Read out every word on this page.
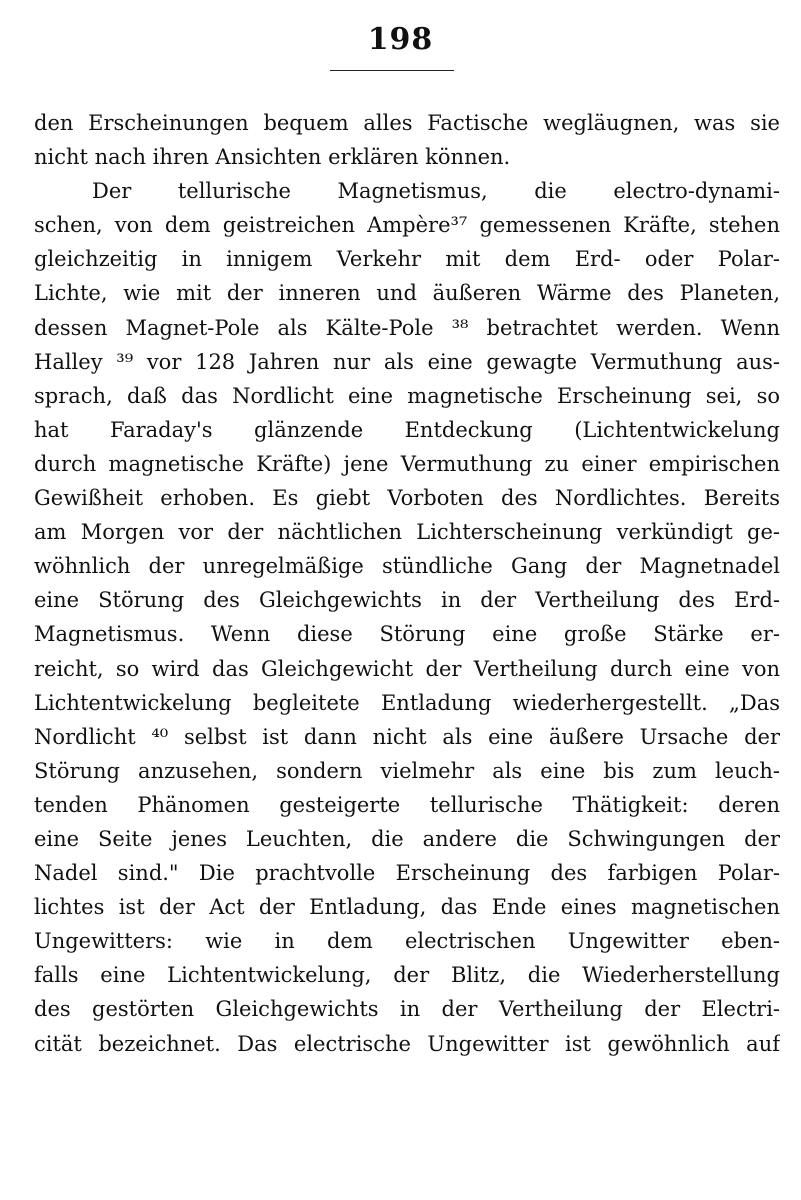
198
den Erscheinungen bequem alles Factische wegläugnen, was sie
nicht nach ihren Ansichten erklären können.
Der tellurische Magnetismus, die electro-dynami-
schen, von dem geistreichen Ampère³⁷ gemessenen Kräfte, stehen
gleichzeitig in innigem Verkehr mit dem Erd- oder Polar-
Lichte, wie mit der inneren und äußeren Wärme des Planeten,
dessen Magnet-Pole als Kälte-Pole ³⁸ betrachtet werden. Wenn
Halley ³⁹ vor 128 Jahren nur als eine gewagte Vermuthung aus-
sprach, daß das Nordlicht eine magnetische Erscheinung sei, so
hat Faraday's glänzende Entdeckung (Lichtentwickelung
durch magnetische Kräfte) jene Vermuthung zu einer empirischen
Gewißheit erhoben. Es giebt Vorboten des Nordlichtes. Bereits
am Morgen vor der nächtlichen Lichterscheinung verkündigt ge-
wöhnlich der unregelmäßige stündliche Gang der Magnetnadel
eine Störung des Gleichgewichts in der Vertheilung des Erd-
Magnetismus. Wenn diese Störung eine große Stärke er-
reicht, so wird das Gleichgewicht der Vertheilung durch eine von
Lichtentwickelung begleitete Entladung wiederhergestellt. „Das
Nordlicht ⁴⁰ selbst ist dann nicht als eine äußere Ursache der
Störung anzusehen, sondern vielmehr als eine bis zum leuch-
tenden Phänomen gesteigerte tellurische Thätigkeit: deren
eine Seite jenes Leuchten, die andere die Schwingungen der
Nadel sind." Die prachtvolle Erscheinung des farbigen Polar-
lichtes ist der Act der Entladung, das Ende eines magnetischen
Ungewitters: wie in dem electrischen Ungewitter eben-
falls eine Lichtentwickelung, der Blitz, die Wiederherstellung
des gestörten Gleichgewichts in der Vertheilung der Electri-
cität bezeichnet. Das electrische Ungewitter ist gewöhnlich auf
